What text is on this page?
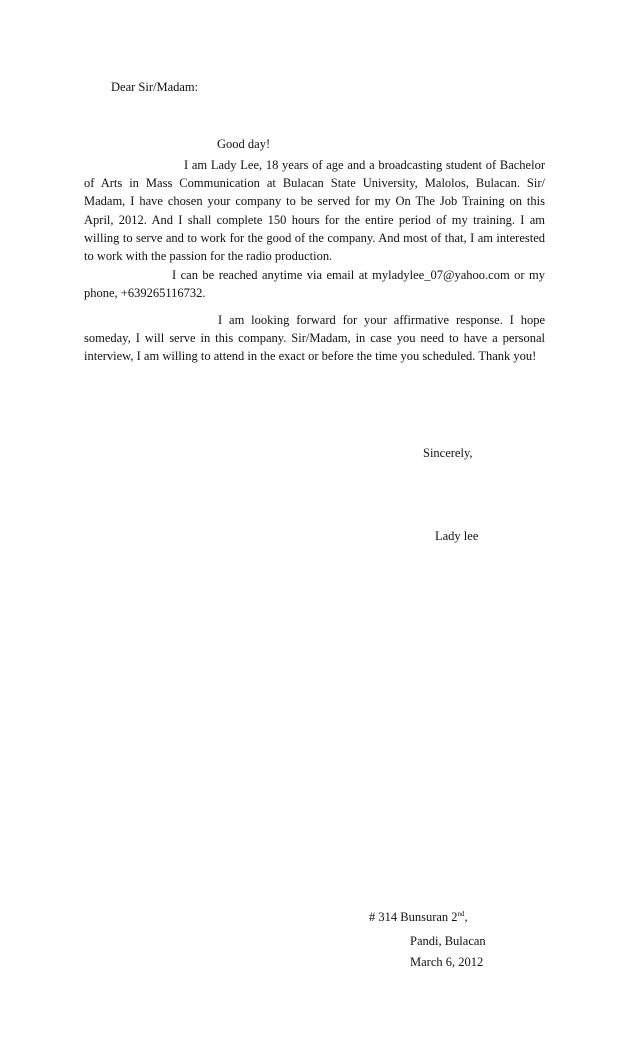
Dear Sir/Madam:
Good day!

I am Lady Lee, 18 years of age and a broadcasting student of Bachelor of Arts in Mass Communication at Bulacan State University, Malolos, Bulacan. Sir/ Madam, I have chosen your company to be served for my On The Job Training on this April, 2012. And I shall complete 150 hours for the entire period of my training. I am willing to serve and to work for the good of the company. And most of that, I am interested to work with the passion for the radio production.

I can be reached anytime via email at myladylee_07@yahoo.com or my phone, +639265116732.

I am looking forward for your affirmative response. I hope someday, I will serve in this company. Sir/Madam, in case you need to have a personal interview, I am willing to attend in the exact or before the time you scheduled. Thank you!

Sincerely,
Lady lee
# 314 Bunsuran 2nd,
Pandi, Bulacan
March 6, 2012
